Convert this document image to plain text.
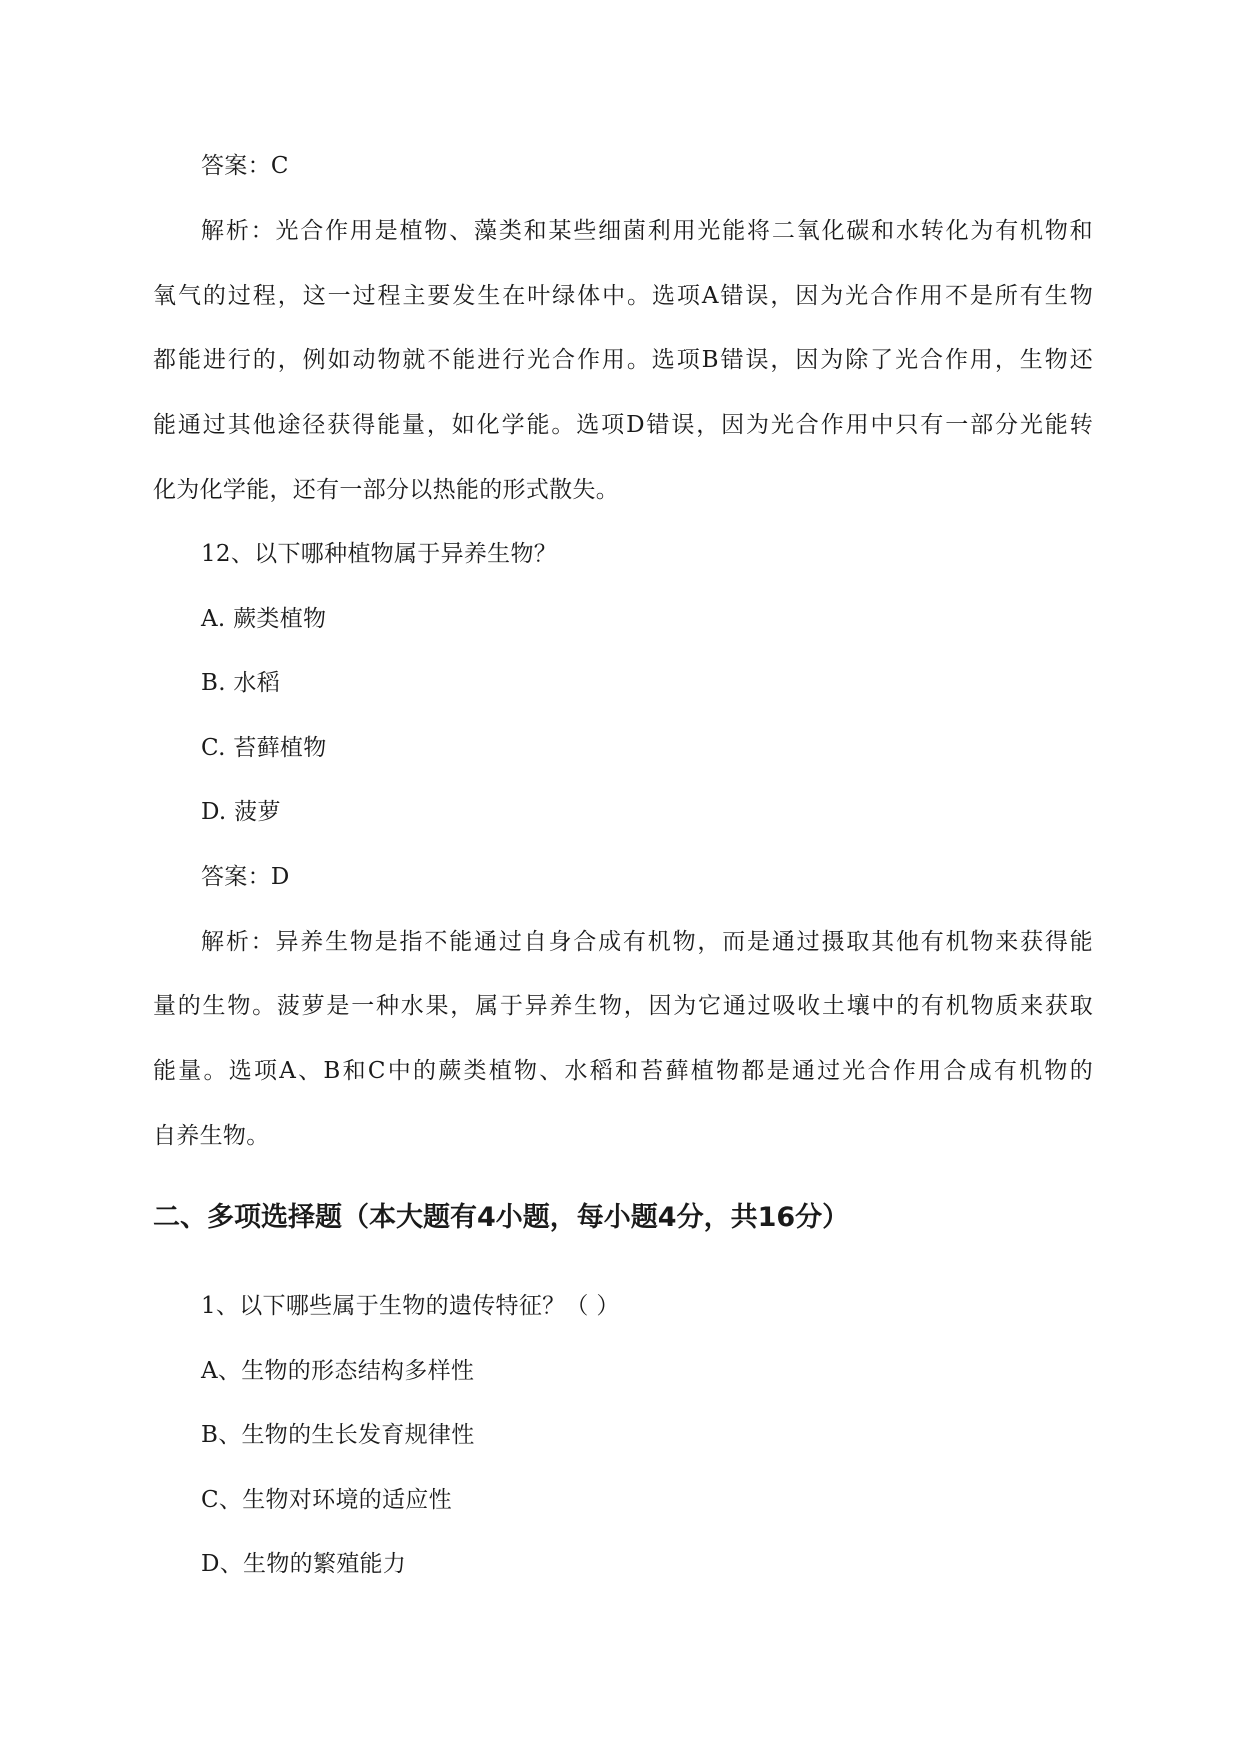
答案：C
解析：光合作用是植物、藻类和某些细菌利用光能将二氧化碳和水转化为有机物和
氧气的过程，这一过程主要发生在叶绿体中。选项A错误，因为光合作用不是所有生物
都能进行的，例如动物就不能进行光合作用。选项B错误，因为除了光合作用，生物还
能通过其他途径获得能量，如化学能。选项D错误，因为光合作用中只有一部分光能转
化为化学能，还有一部分以热能的形式散失。
12、以下哪种植物属于异养生物？
A. 蕨类植物
B. 水稻
C. 苔藓植物
D. 菠萝
答案：D
解析：异养生物是指不能通过自身合成有机物，而是通过摄取其他有机物来获得能
量的生物。菠萝是一种水果，属于异养生物，因为它通过吸收土壤中的有机物质来获取
能量。选项A、B和C中的蕨类植物、水稻和苔藓植物都是通过光合作用合成有机物的
自养生物。
二、多项选择题（本大题有4小题，每小题4分，共16分）
1、以下哪些属于生物的遗传特征？（ ）
A、生物的形态结构多样性
B、生物的生长发育规律性
C、生物对环境的适应性
D、生物的繁殖能力
